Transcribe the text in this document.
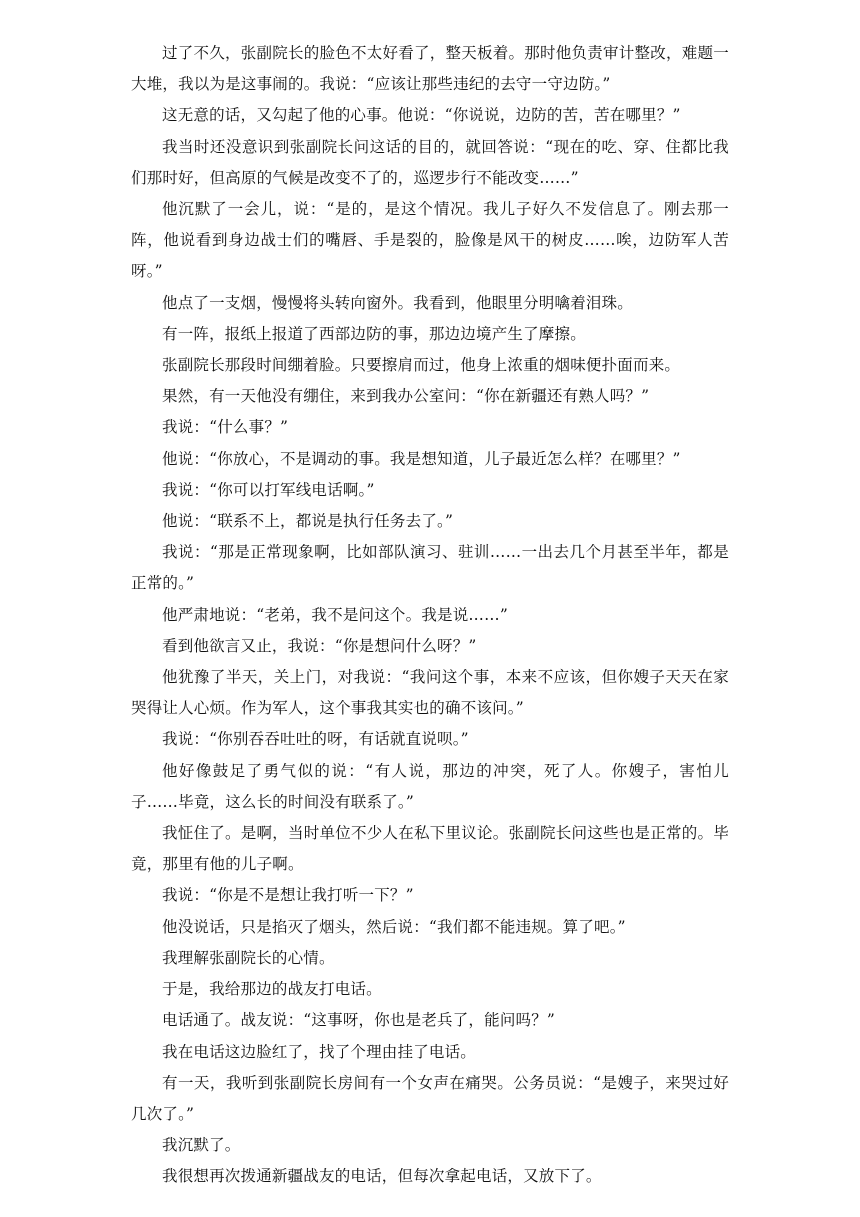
过了不久，张副院长的脸色不太好看了，整天板着。那时他负责审计整改，难题一大堆，我以为是这事闹的。我说：“应该让那些违纪的去守一守边防。”

这无意的话，又勾起了他的心事。他说：“你说说，边防的苦，苦在哪里？”

我当时还没意识到张副院长问这话的目的，就回答说：“现在的吃、穿、住都比我们那时好，但高原的气候是改变不了的，巡逻步行不能改变……”

他沉默了一会儿，说：“是的，是这个情况。我儿子好久不发信息了。刚去那一阵，他说看到身边战士们的嘴唇、手是裂的，脸像是风干的树皮……唉，边防军人苦呀。”

他点了一支烟，慢慢将头转向窗外。我看到，他眼里分明噙着泪珠。

有一阵，报纸上报道了西部边防的事，那边边境产生了摩擦。

张副院长那段时间绷着脸。只要擦肩而过，他身上浓重的烟味便扑面而来。

果然，有一天他没有绷住，来到我办公室问：“你在新疆还有熟人吗？”

我说：“什么事？”

他说：“你放心，不是调动的事。我是想知道，儿子最近怎么样？在哪里？”

我说：“你可以打军线电话啊。”

他说：“联系不上，都说是执行任务去了。”

我说：“那是正常现象啊，比如部队演习、驻训……一出去几个月甚至半年，都是正常的。”

他严肃地说：“老弟，我不是问这个。我是说……”

看到他欲言又止，我说：“你是想问什么呀？”

他犹豫了半天，关上门，对我说：“我问这个事，本来不应该，但你嫂子天天在家哭得让人心烦。作为军人，这个事我其实也的确不该问。”

我说：“你别吞吞吐吐的呀，有话就直说呗。”

他好像鼓足了勇气似的说：“有人说，那边的冲突，死了人。你嫂子，害怕儿子……毕竟，这么长的时间没有联系了。”

我怔住了。是啊，当时单位不少人在私下里议论。张副院长问这些也是正常的。毕竟，那里有他的儿子啊。

我说：“你是不是想让我打听一下？”

他没说话，只是掐灭了烟头，然后说：“我们都不能违规。算了吧。”

我理解张副院长的心情。

于是，我给那边的战友打电话。

电话通了。战友说：“这事呀，你也是老兵了，能问吗？”

我在电话这边脸红了，找了个理由挂了电话。

有一天，我听到张副院长房间有一个女声在痛哭。公务员说：“是嫂子，来哭过好几次了。”

我沉默了。

我很想再次拨通新疆战友的电话，但每次拿起电话，又放下了。
